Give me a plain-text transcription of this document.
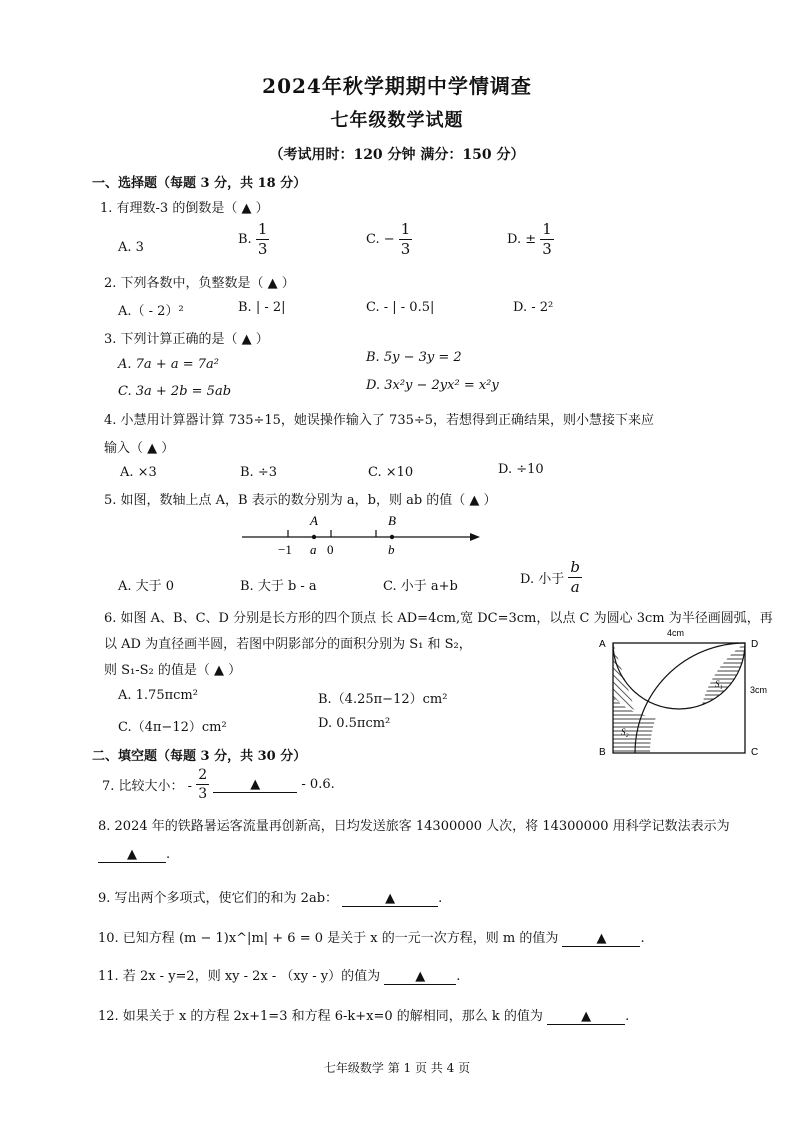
2024年秋学期期中学情调查
七年级数学试题
（考试用时：120 分钟 满分：150 分）
一、选择题（每题 3 分，共 18 分）
1. 有理数-3 的倒数是（ ▲ ）
A. 3
B. $\frac{1}{3}$	C. − $\frac{1}{3}$	D. ± $\frac{1}{3}$
2. 下列各数中，负整数是（ ▲ ）
A.（ - 2）²	B. | - 2|	C. - | - 0.5|	D. - 2²
3. 下列计算正确的是（ ▲ ）
A. 7a + a = 7a²	B. 5y − 3y = 2
C. 3a + 2b = 5ab	D. 3x²y − 2yx² = x²y
4. 小慧用计算器计算 735÷15，她误操作输入了 735÷5，若想得到正确结果，则小慧接下来应
输入（ ▲ ）
A. ×3	B. ÷3	C. ×10	D. ÷10
5. 如图，数轴上点 A，B 表示的数分别为 a，b，则 ab 的值（ ▲ ）
A	B
−1 a 0	b
A. 大于 0	B. 大于 b - a	C. 小于 a+b	D. 小于 $\frac{b}{a}$
6. 如图 A、B、C、D 分别是长方形的四个顶点 长 AD=4cm,宽 DC=3cm，以点 C 为圆心 3cm 为半径画圆弧，再
以 AD 为直径画半圆，若图中阴影部分的面积分别为 S₁ 和 S₂，
则 S₁-S₂ 的值是（ ▲ ）
A. 1.75πcm²	B.（4.25π−12）cm²
C.（4π−12）cm²	D. 0.5πcm²
A
B	C
D
4cm
3cm
S₁
S₂
二、填空题（每题 3 分，共 30 分）
7. 比较大小： - $\frac{2}{3}$	▲	- 0.6.
8. 2024 年的铁路暑运客流量再创新高，日均发送旅客 14300000 人次，将 14300000 用科学记数法表示为
▲ .
9. 写出两个多项式，使它们的和为 2ab：	▲	.
10. 已知方程 (m − 1)x^|m| + 6 = 0 是关于 x 的一元一次方程，则 m 的值为	▲	.
11. 若 2x - y=2，则 xy - 2x - （xy - y）的值为	▲ .
12. 如果关于 x 的方程 2x+1=3 和方程 6-k+x=0 的解相同，那么 k 的值为	▲	.
七年级数学 第 1 页 共 4 页
